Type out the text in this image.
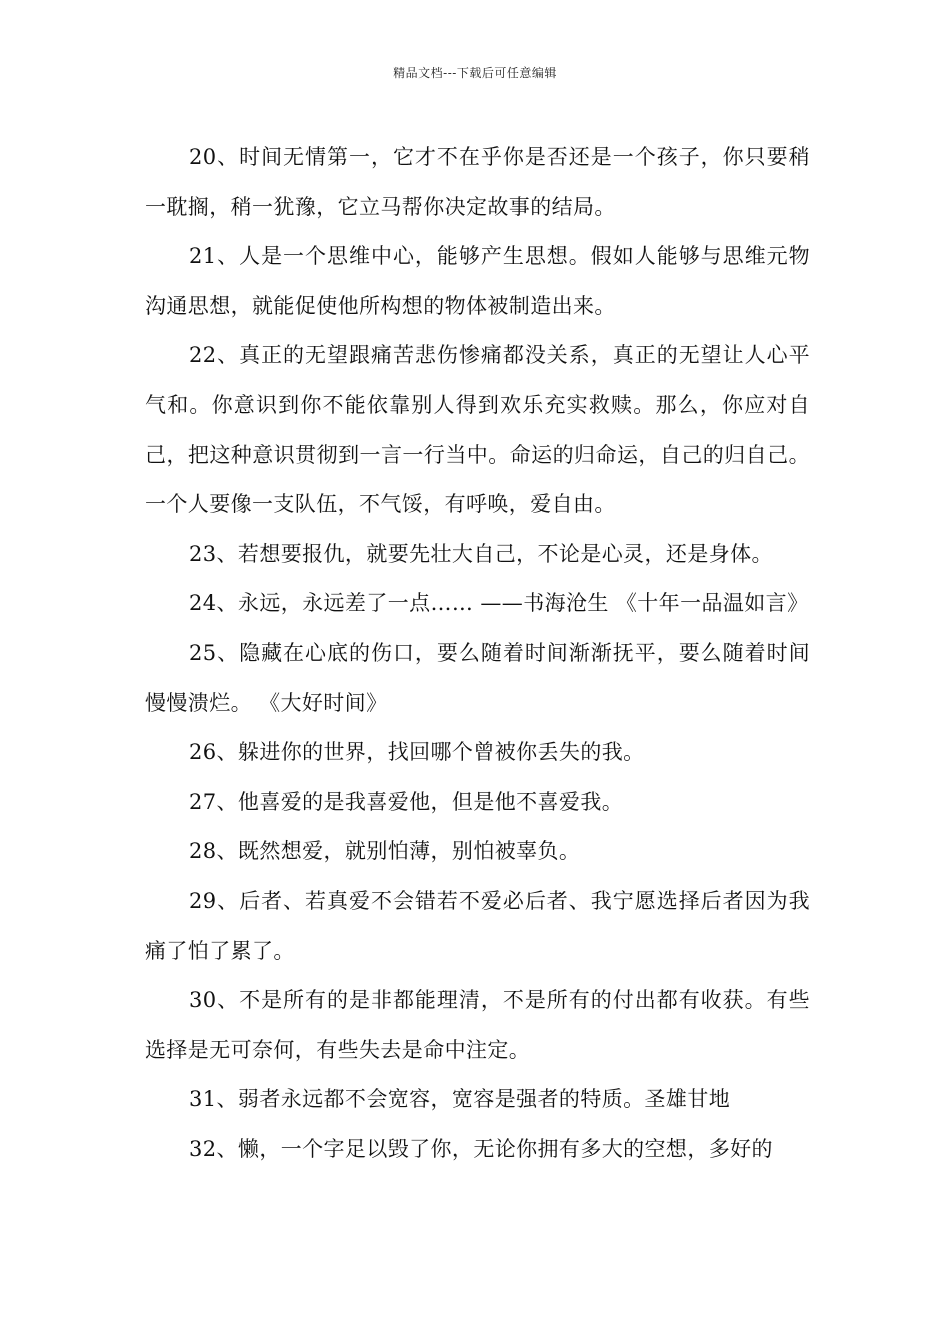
精品文档---下载后可任意编辑

20、时间无情第一，它才不在乎你是否还是一个孩子，你只要稍一耽搁，稍一犹豫，它立马帮你决定故事的结局。

21、人是一个思维中心，能够产生思想。假如人能够与思维元物沟通思想，就能促使他所构想的物体被制造出来。

22、真正的无望跟痛苦悲伤惨痛都没关系，真正的无望让人心平气和。你意识到你不能依靠别人得到欢乐充实救赎。那么，你应对自己，把这种意识贯彻到一言一行当中。命运的归命运，自己的归自己。一个人要像一支队伍，不气馁，有呼唤，爱自由。

23、若想要报仇，就要先壮大自己，不论是心灵，还是身体。

24、永远，永远差了一点…… ——书海沧生 《十年一品温如言》

25、隐藏在心底的伤口，要么随着时间渐渐抚平，要么随着时间慢慢溃烂。 《大好时间》

26、躲进你的世界，找回哪个曾被你丢失的我。

27、他喜爱的是我喜爱他，但是他不喜爱我。

28、既然想爱，就别怕薄，别怕被辜负。

29、后者、若真爱不会错若不爱必后者、我宁愿选择后者因为我痛了怕了累了。

30、不是所有的是非都能理清，不是所有的付出都有收获。有些选择是无可奈何，有些失去是命中注定。

31、弱者永远都不会宽容，宽容是强者的特质。圣雄甘地

32、懒，一个字足以毁了你，无论你拥有多大的空想，多好的
